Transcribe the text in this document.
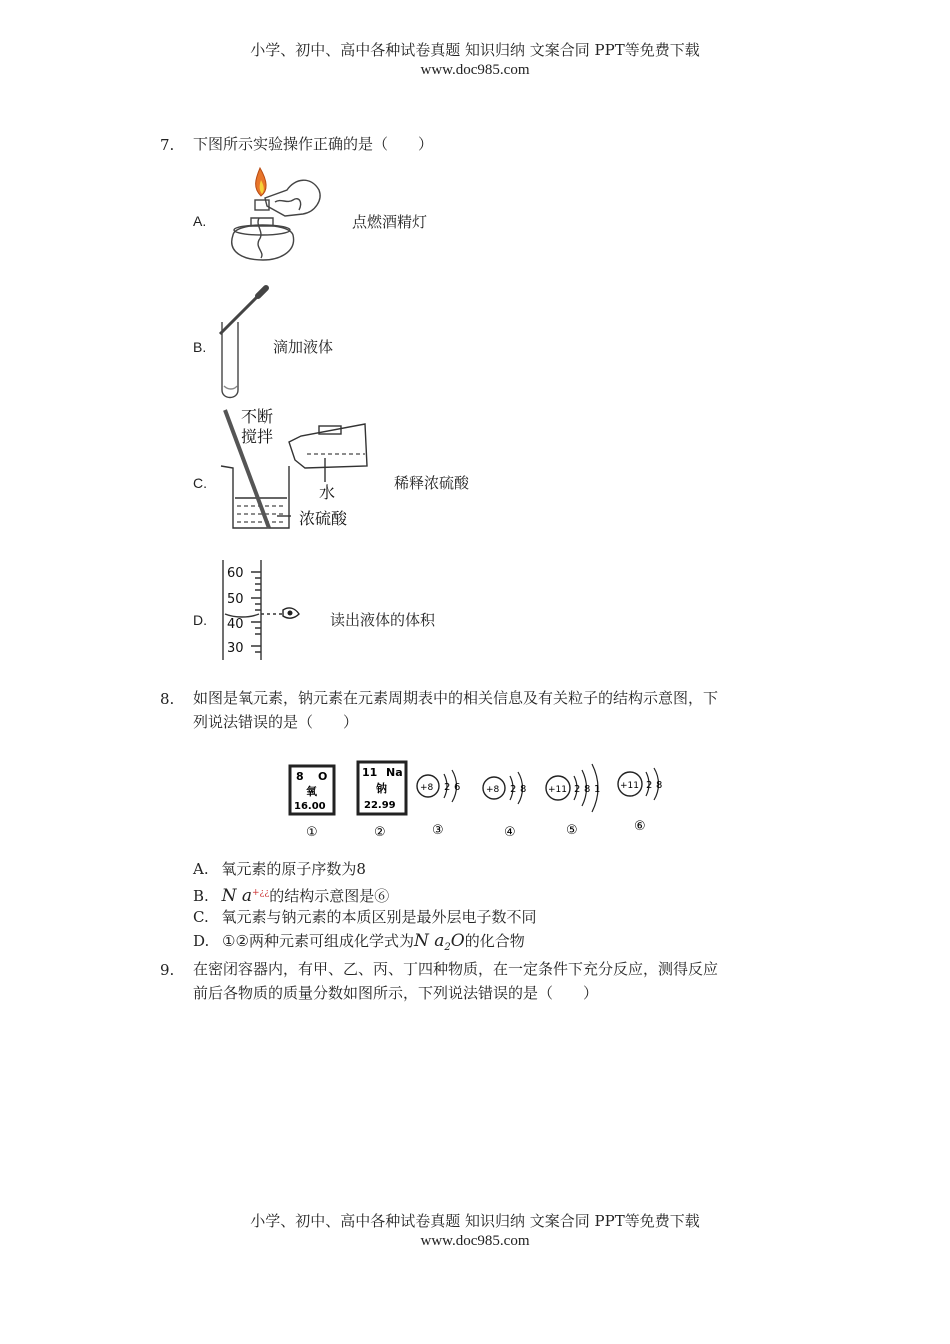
小学、初中、高中各种试卷真题 知识归纳 文案合同 PPT等免费下载
www.doc985.com
7. 下图所示实验操作正确的是（　　）
A.	点燃酒精灯
B.	滴加液体
C.
不断
搅拌
水
浓硫酸
稀释浓硫酸
D.
60
50
40
30
读出液体的体积
8. 如图是氧元素，钠元素在元素周期表中的相关信息及有关粒子的结构示意图，下
列说法错误的是（　　）
8 O
氧
16.00
①
11 Na
钠
22.99
②
+8 2 6
③
+8 2 8
④
+11 2 8 1
⑤
+11 2 8
⑥
A. 氧元素的原子序数为8
B. N a+¿¿的结构示意图是⑥
C. 氧元素与钠元素的本质区别是最外层电子数不同
D. ①②两种元素可组成化学式为N $a_2O$的化合物
9. 在密闭容器内，有甲、乙、丙、丁四种物质，在一定条件下充分反应，测得反应
前后各物质的质量分数如图所示，下列说法错误的是（　　）
小学、初中、高中各种试卷真题 知识归纳 文案合同 PPT等免费下载
www.doc985.com
